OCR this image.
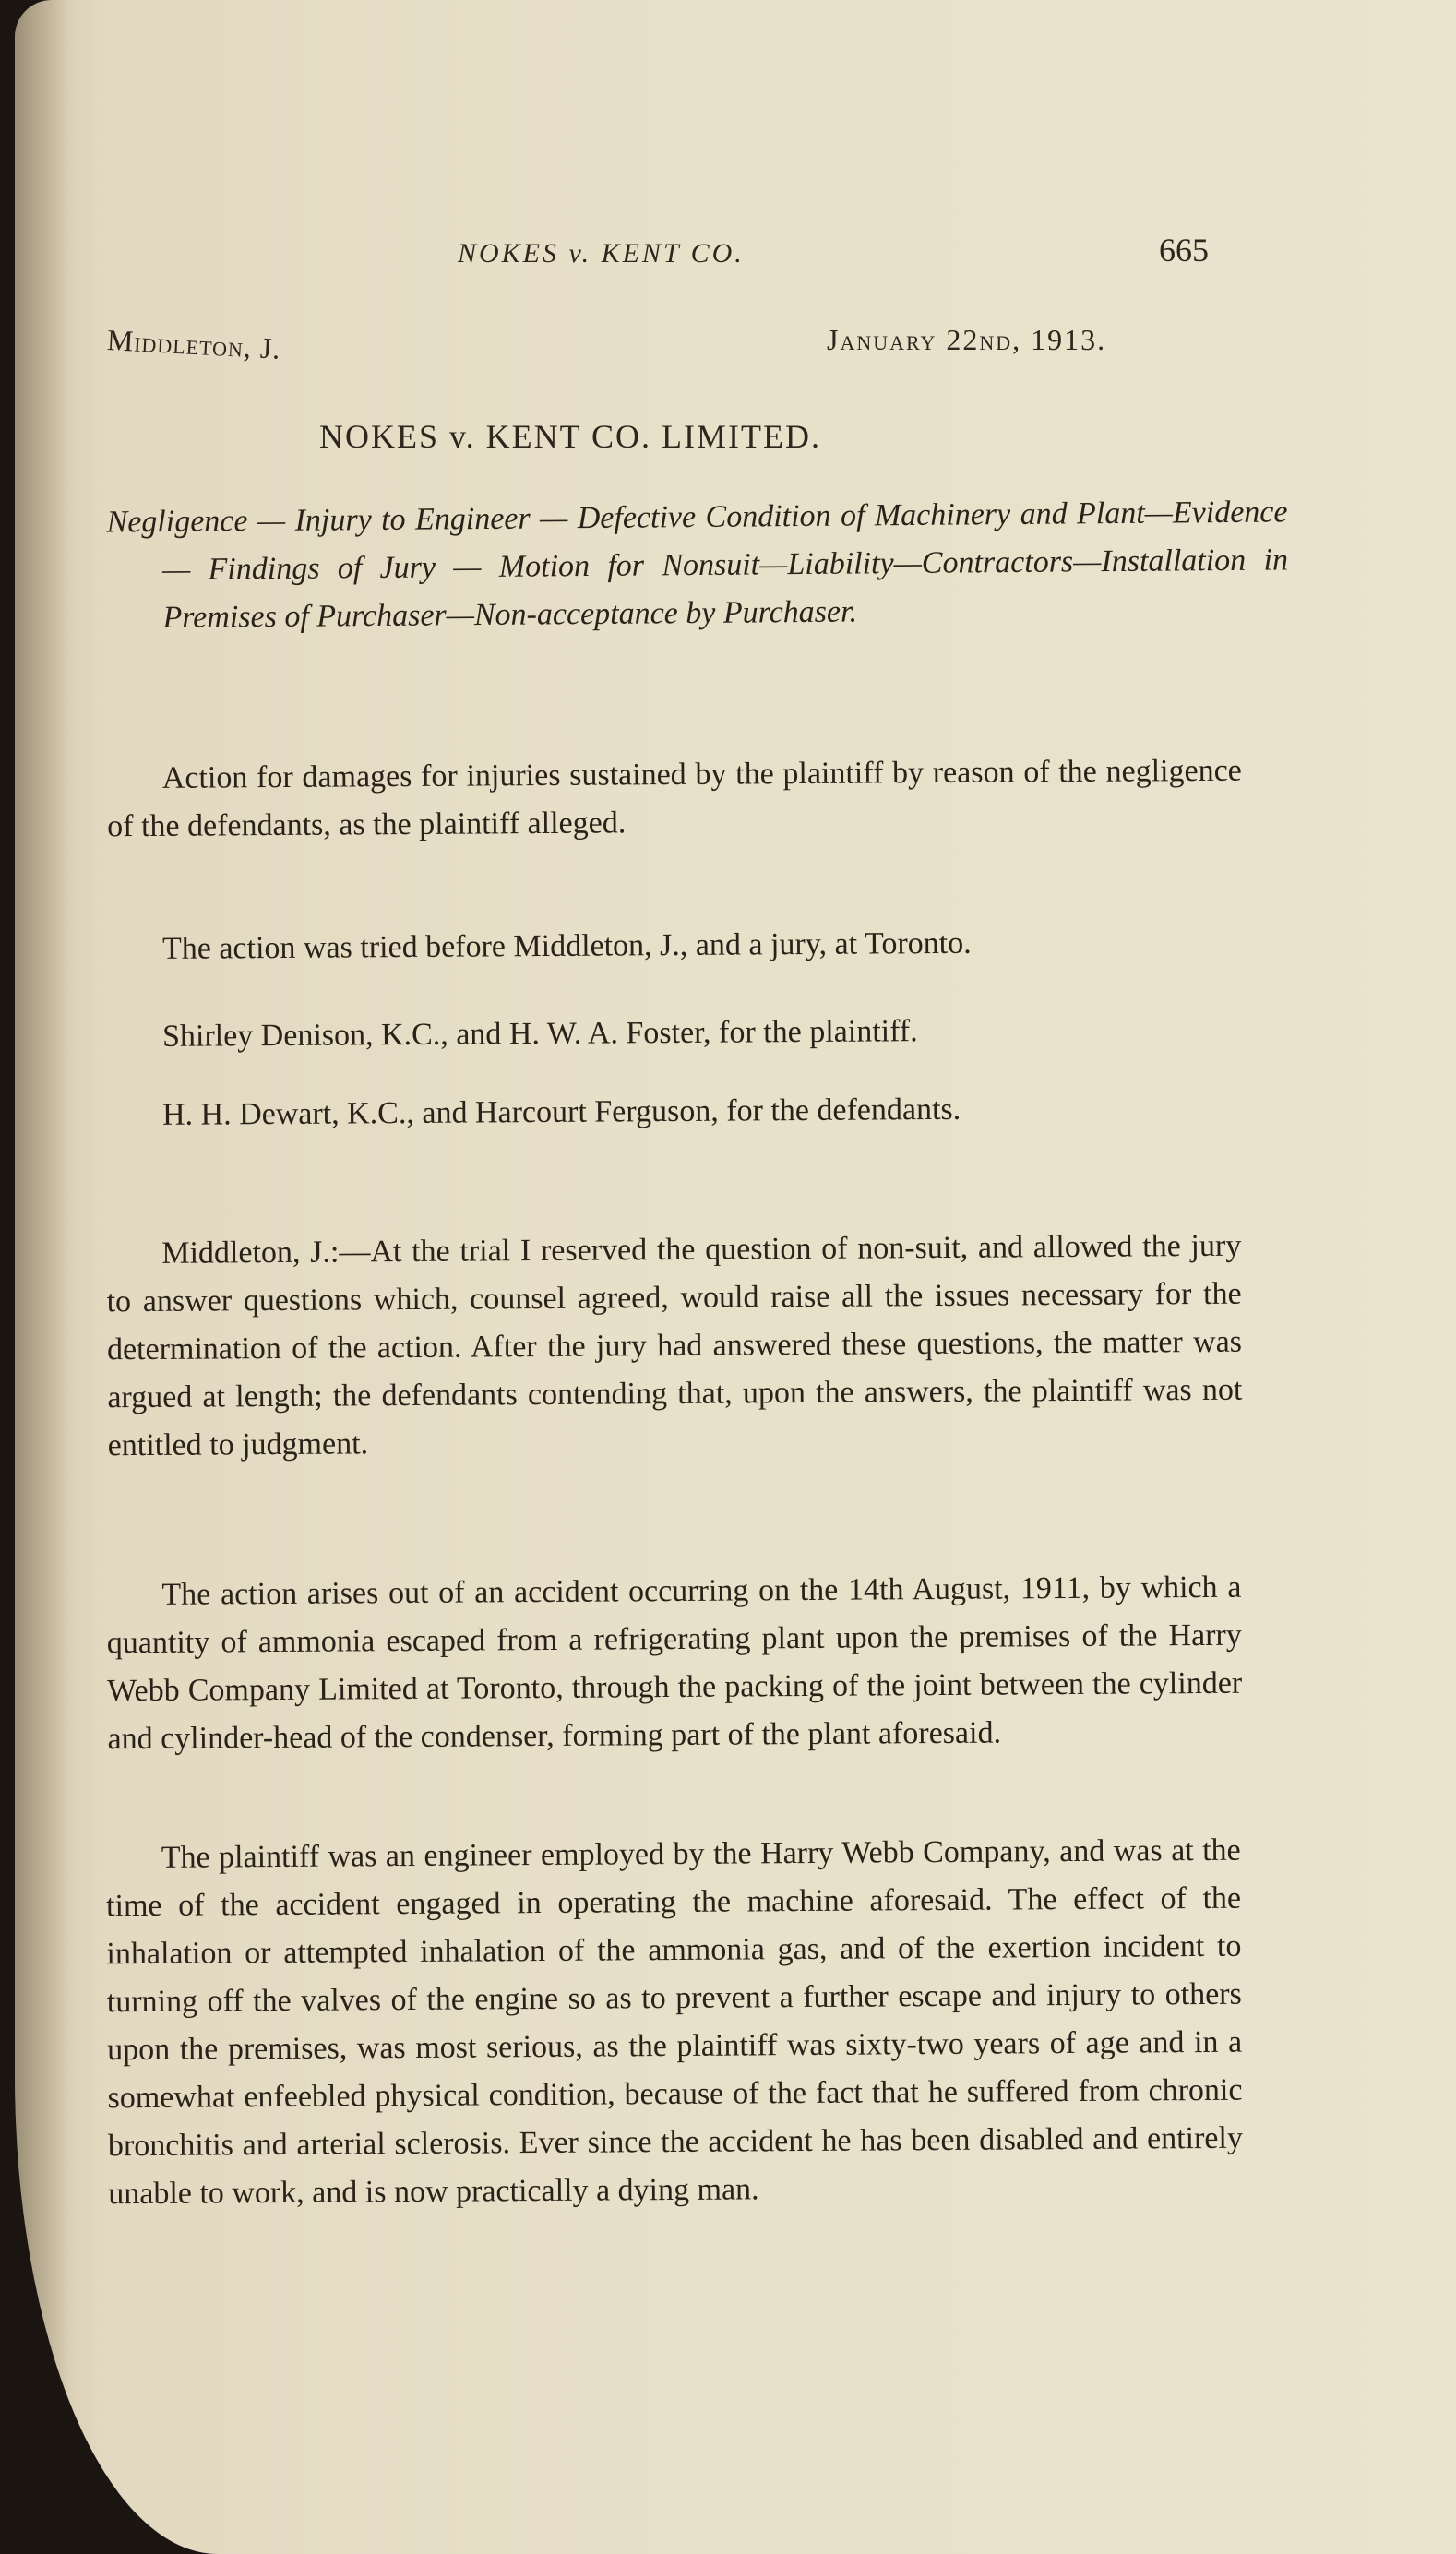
NOKES v. KENT CO.	665
Middleton, J.	January 22nd, 1913.
NOKES v. KENT CO. LIMITED.
Negligence — Injury to Engineer — Defective Condition of Machinery and Plant—Evidence — Findings of Jury — Motion for Nonsuit—Liability—Contractors—Installation in Premises of Purchaser—Non-acceptance by Purchaser.

Action for damages for injuries sustained by the plaintiff by reason of the negligence of the defendants, as the plaintiff alleged.

The action was tried before Middleton, J., and a jury, at Toronto.

Shirley Denison, K.C., and H. W. A. Foster, for the plaintiff.

H. H. Dewart, K.C., and Harcourt Ferguson, for the defendants.

Middleton, J.:—At the trial I reserved the question of non-suit, and allowed the jury to answer questions which, counsel agreed, would raise all the issues necessary for the determination of the action. After the jury had answered these questions, the matter was argued at length; the defendants contending that, upon the answers, the plaintiff was not entitled to judgment.

The action arises out of an accident occurring on the 14th August, 1911, by which a quantity of ammonia escaped from a refrigerating plant upon the premises of the Harry Webb Company Limited at Toronto, through the packing of the joint between the cylinder and cylinder-head of the condenser, forming part of the plant aforesaid.

The plaintiff was an engineer employed by the Harry Webb Company, and was at the time of the accident engaged in operating the machine aforesaid. The effect of the inhalation or attempted inhalation of the ammonia gas, and of the exertion incident to turning off the valves of the engine so as to prevent a further escape and injury to others upon the premises, was most serious, as the plaintiff was sixty-two years of age and in a somewhat enfeebled physical condition, because of the fact that he suffered from chronic bronchitis and arterial sclerosis. Ever since the accident he has been disabled and entirely unable to work, and is now practically a dying man.
